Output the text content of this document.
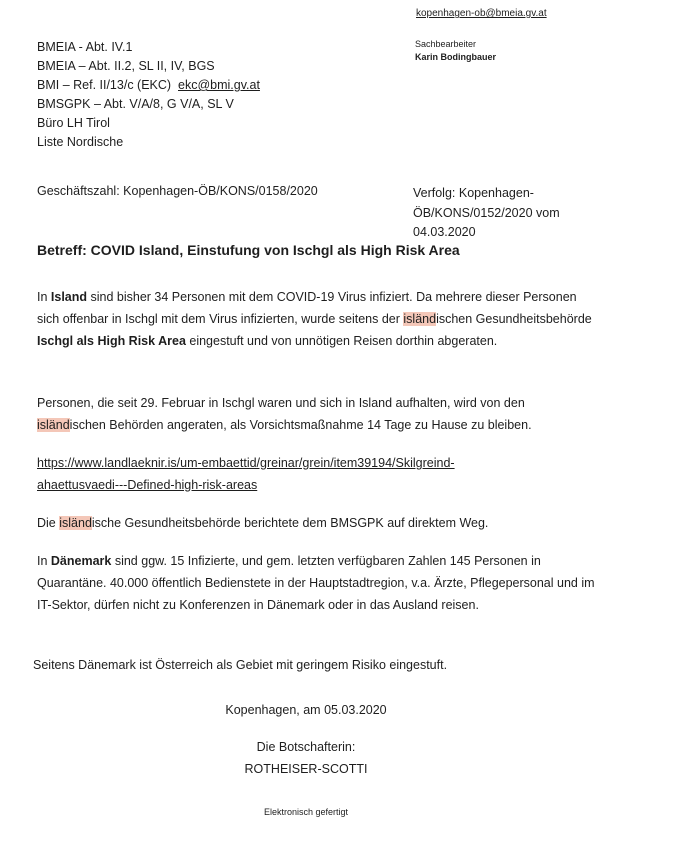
kopenhagen-ob@bmeia.gv.at
Sachbearbeiter
Karin Bodingbauer
BMEIA - Abt. IV.1
BMEIA – Abt. II.2, SL II, IV, BGS
BMI – Ref. II/13/c (EKC)  ekc@bmi.gv.at
BMSGPK – Abt. V/A/8, G V/A, SL V
Büro LH Tirol
Liste Nordische
Geschäftszahl: Kopenhagen-ÖB/KONS/0158/2020	Verfolg: Kopenhagen-
ÖB/KONS/0152/2020 vom
04.03.2020
Betreff: COVID Island, Einstufung von Ischgl als High Risk Area
In Island sind bisher 34 Personen mit dem COVID-19 Virus infiziert. Da mehrere dieser Personen sich offenbar in Ischgl mit dem Virus infizierten, wurde seitens der isländischen Gesundheitsbehörde Ischgl als High Risk Area eingestuft und von unnötigen Reisen dorthin abgeraten.
Personen, die seit 29. Februar in Ischgl waren und sich in Island aufhalten, wird von den isländischen Behörden angeraten, als Vorsichtsmaßnahme 14 Tage zu Hause zu bleiben.
https://www.landlaeknir.is/um-embaettid/greinar/grein/item39194/Skilgreind-
ahaettusvaedi---Defined-high-risk-areas
Die isländische Gesundheitsbehörde berichtete dem BMSGPK auf direktem Weg.
In Dänemark sind ggw. 15 Infizierte, und gem. letzten verfügbaren Zahlen 145 Personen in Quarantäne. 40.000 öffentlich Bedienstete in der Hauptstadtregion, v.a. Ärzte, Pflegepersonal und im IT-Sektor, dürfen nicht zu Konferenzen in Dänemark oder in das Ausland reisen.
Seitens Dänemark ist Österreich als Gebiet mit geringem Risiko eingestuft.
Kopenhagen, am 05.03.2020
Die Botschafterin:
ROTHEISER-SCOTTI
Elektronisch gefertigt
